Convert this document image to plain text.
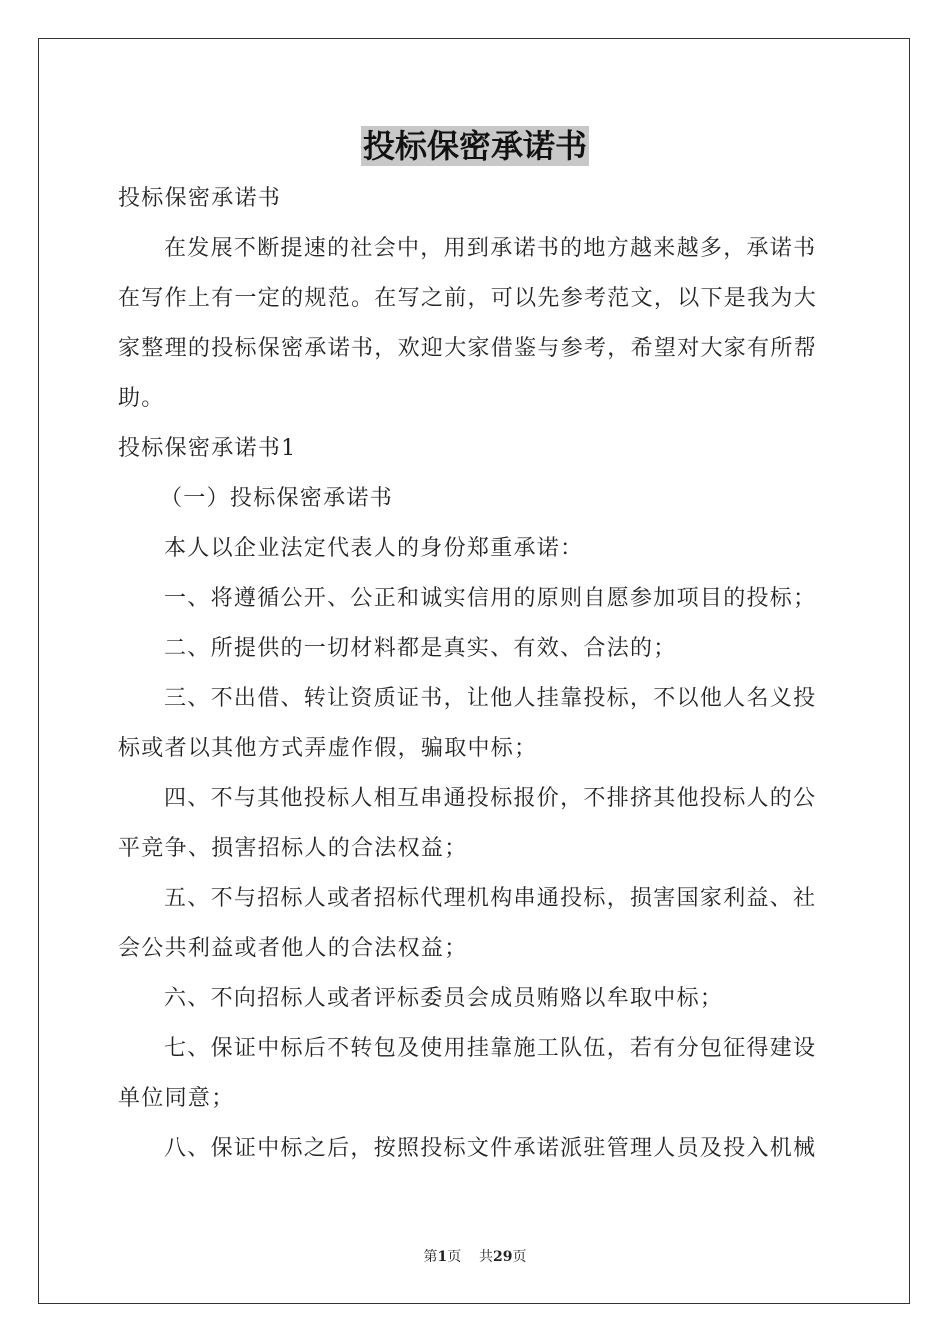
投标保密承诺书
投标保密承诺书
在发展不断提速的社会中，用到承诺书的地方越来越多，承诺书
在写作上有一定的规范。在写之前，可以先参考范文，以下是我为大
家整理的投标保密承诺书，欢迎大家借鉴与参考，希望对大家有所帮
助。
投标保密承诺书1
（一）投标保密承诺书
本人以企业法定代表人的身份郑重承诺：
一、将遵循公开、公正和诚实信用的原则自愿参加项目的投标；
二、所提供的一切材料都是真实、有效、合法的；
三、不出借、转让资质证书，让他人挂靠投标，不以他人名义投
标或者以其他方式弄虚作假，骗取中标；
四、不与其他投标人相互串通投标报价，不排挤其他投标人的公
平竞争、损害招标人的合法权益；
五、不与招标人或者招标代理机构串通投标，损害国家利益、社
会公共利益或者他人的合法权益；
六、不向招标人或者评标委员会成员贿赂以牟取中标；
七、保证中标后不转包及使用挂靠施工队伍，若有分包征得建设
单位同意；
八、保证中标之后，按照投标文件承诺派驻管理人员及投入机械
第1页 共29页
